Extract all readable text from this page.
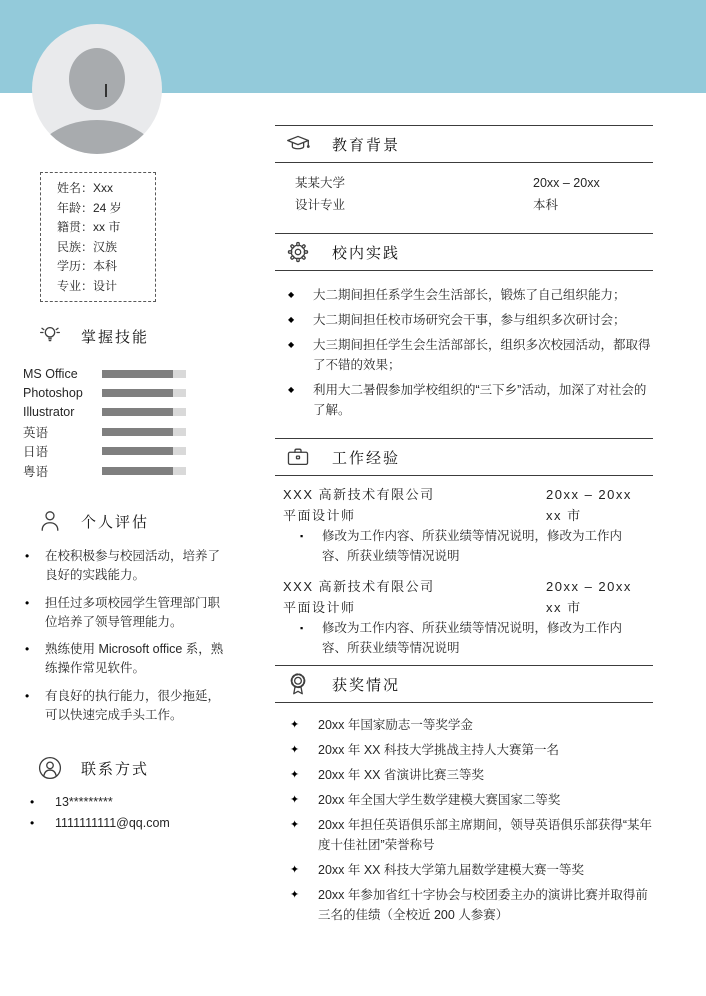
姓名：Xxx
年龄：24 岁
籍贯：xx 市
民族：汉族
学历：本科
专业：设计
掌握技能
MS Office
Photoshop
Illustrator
英语
日语
粤语
个人评估
•	在校积极参与校园活动，培养了良好的实践能力。
•	担任过多项校园学生管理部门职位培养了领导管理能力。
•	熟练使用 Microsoft office 系，熟练操作常见软件。
•	有良好的执行能力，很少拖延，可以快速完成手头工作。
联系方式
•	13*********
•	1111111111@qq.com
教育背景
某某大学	20xx – 20xx
设计专业	本科
校内实践
◆	大二期间担任系学生会生活部长，锻炼了自己组织能力；
◆	大二期间担任校市场研究会干事，参与组织多次研讨会；
◆	大三期间担任学生会生活部部长，组织多次校园活动，都取得了不错的效果；
◆	利用大二暑假参加学校组织的“三下乡”活动，加深了对社会的了解。
工作经验
XXX 高新技术有限公司	20xx – 20xx
平面设计师	xx 市
▪	修改为工作内容、所获业绩等情况说明，修改为工作内容、所获业绩等情况说明
XXX 高新技术有限公司	20xx – 20xx
平面设计师	xx 市
▪	修改为工作内容、所获业绩等情况说明，修改为工作内容、所获业绩等情况说明
获奖情况
✦	20xx 年国家励志一等奖学金
✦	20xx 年 XX 科技大学挑战主持人大赛第一名
✦	20xx 年 XX 省演讲比赛三等奖
✦	20xx 年全国大学生数学建模大赛国家二等奖
✦	20xx 年担任英语俱乐部主席期间，领导英语俱乐部获得“某年度十佳社团”荣誉称号
✦	20xx 年 XX 科技大学第九届数学建模大赛一等奖
✦	20xx 年参加省红十字协会与校团委主办的演讲比赛并取得前三名的佳绩（全校近 200 人参赛）
